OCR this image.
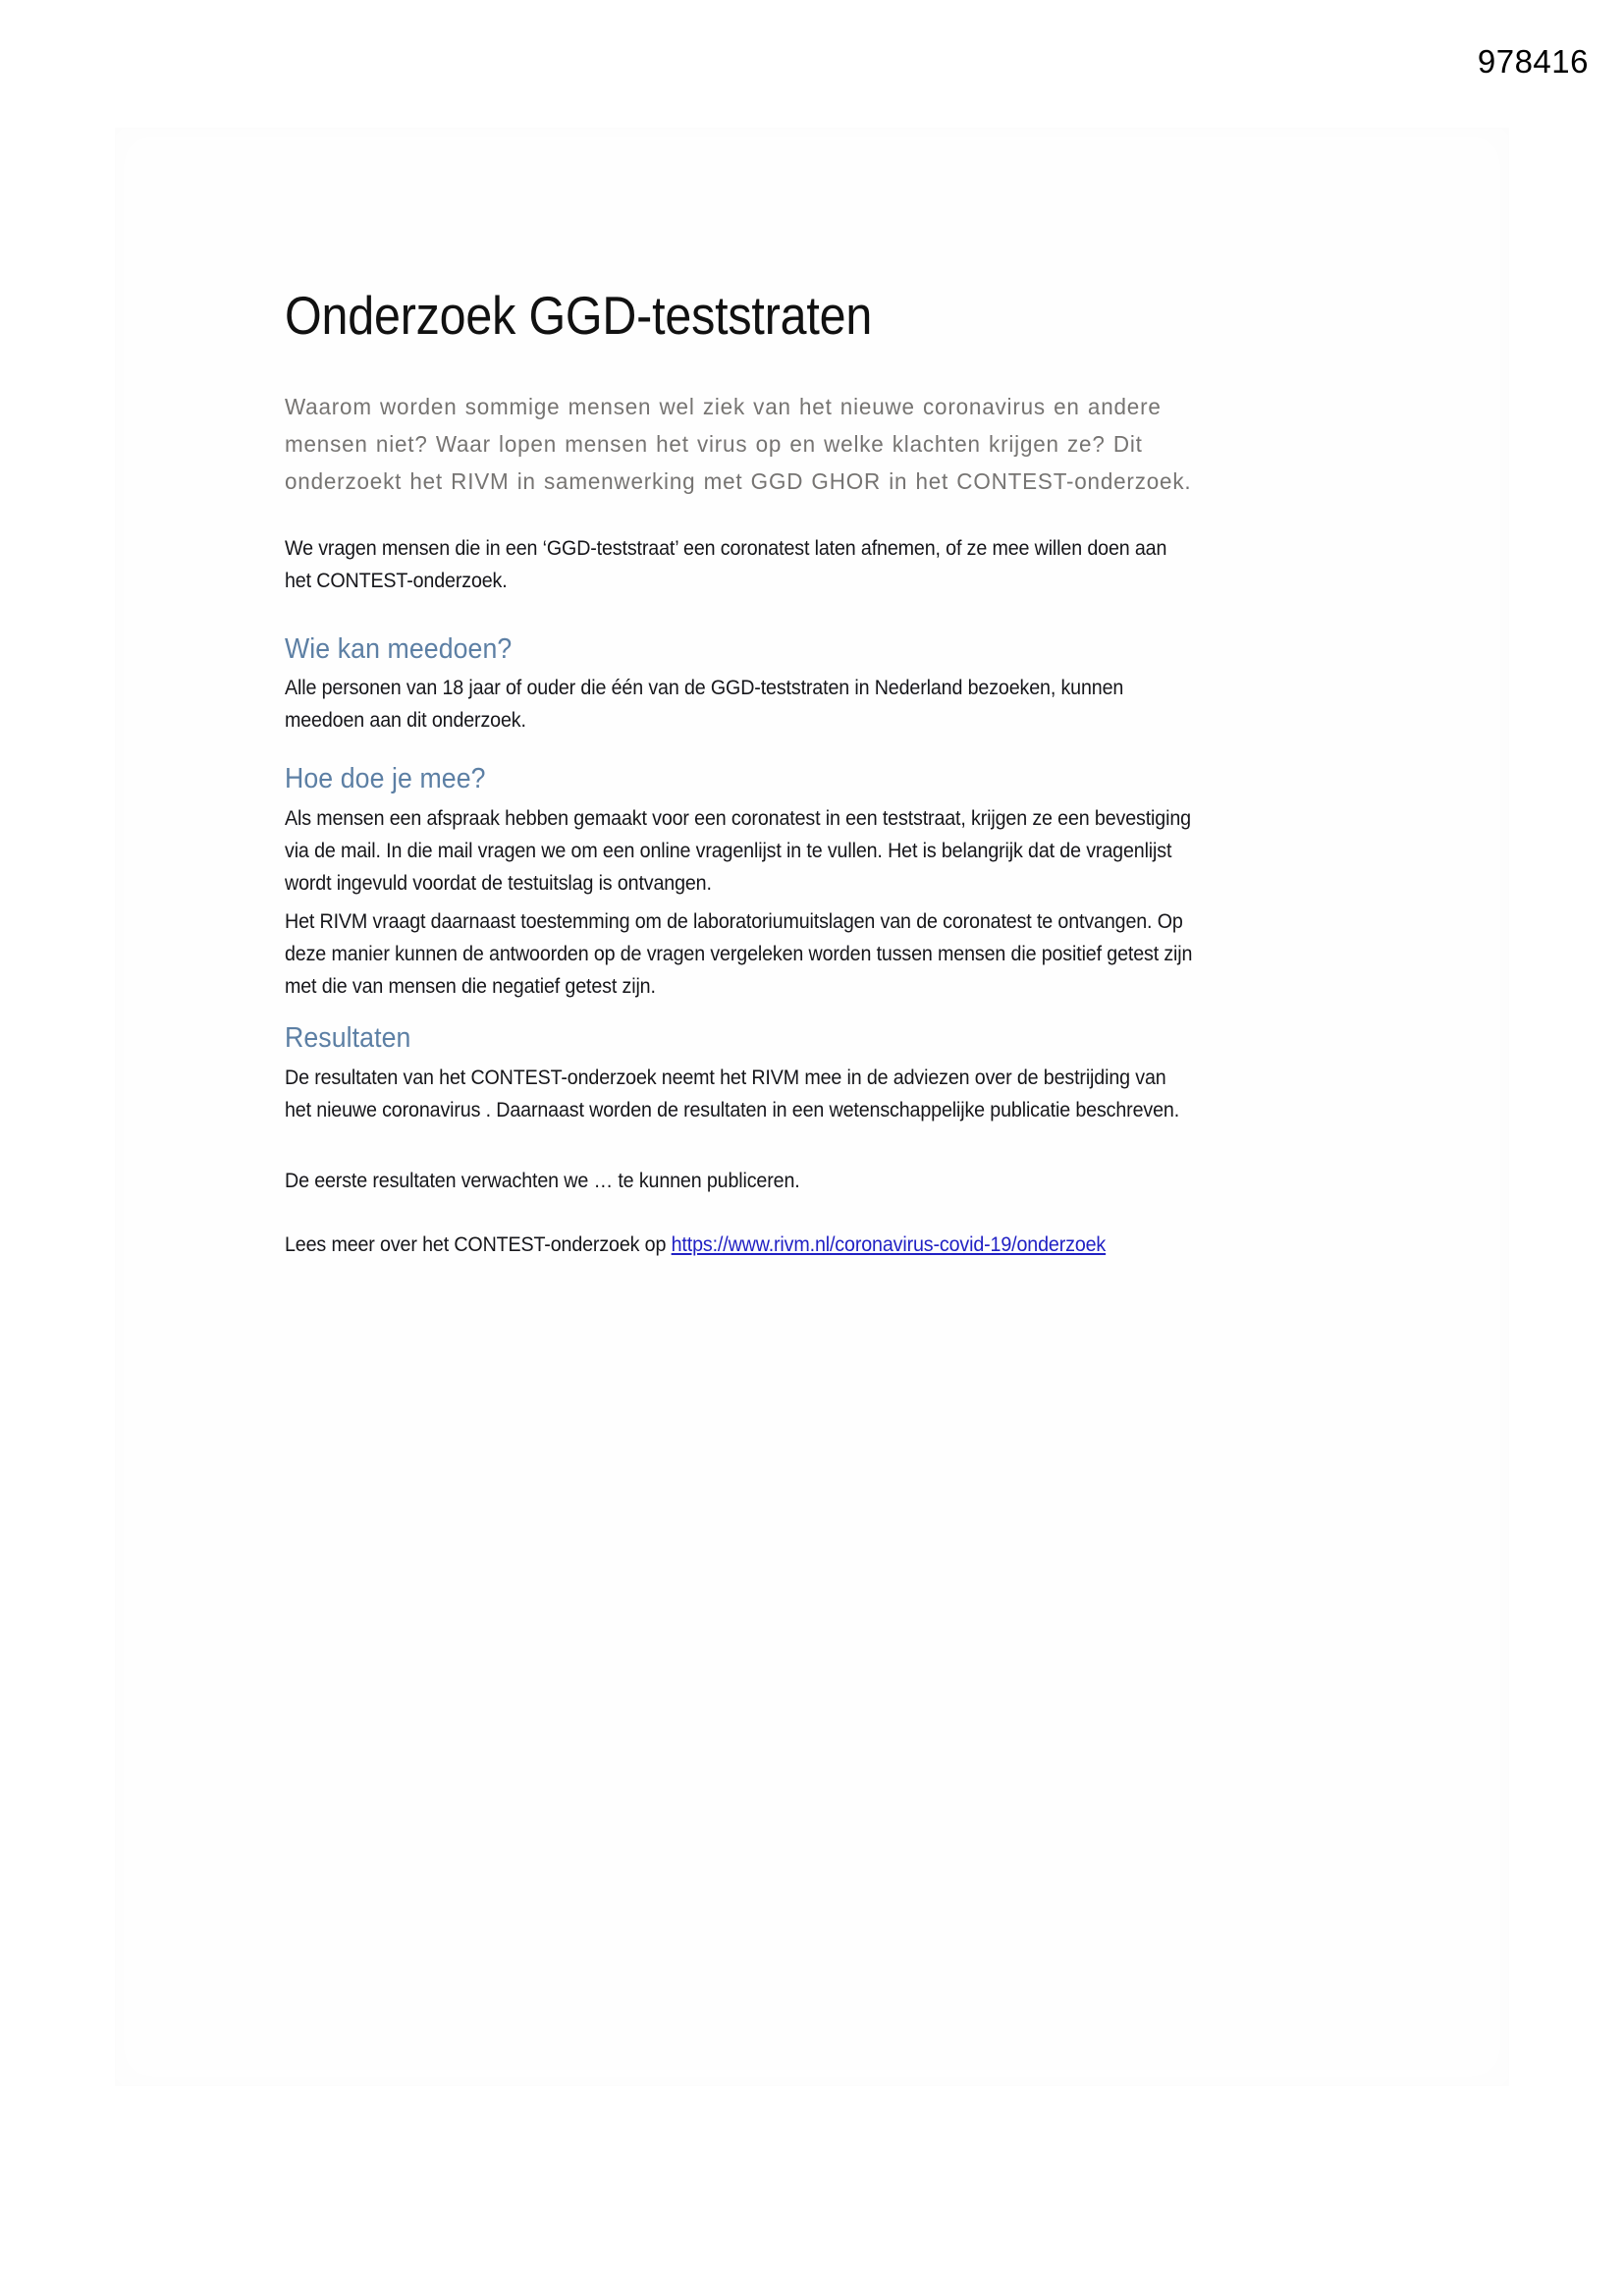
978416
Onderzoek GGD-teststraten

Waarom worden sommige mensen wel ziek van het nieuwe coronavirus en andere mensen niet? Waar lopen mensen het virus op en welke klachten krijgen ze? Dit onderzoekt het RIVM in samenwerking met GGD GHOR in het CONTEST-onderzoek.

We vragen mensen die in een ‘GGD-teststraat’ een coronatest laten afnemen, of ze mee willen doen aan het CONTEST-onderzoek.

Wie kan meedoen?

Alle personen van 18 jaar of ouder die één van de GGD-teststraten in Nederland bezoeken, kunnen meedoen aan dit onderzoek.

Hoe doe je mee?

Als mensen een afspraak hebben gemaakt voor een coronatest in een teststraat, krijgen ze een bevestiging via de mail. In die mail vragen we om een online vragenlijst in te vullen. Het is belangrijk dat de vragenlijst wordt ingevuld voordat de testuitslag is ontvangen.

Het RIVM vraagt daarnaast toestemming om de laboratoriumuitslagen van de coronatest te ontvangen. Op deze manier kunnen de antwoorden op de vragen vergeleken worden tussen mensen die positief getest zijn met die van mensen die negatief getest zijn.

Resultaten

De resultaten van het CONTEST-onderzoek neemt het RIVM mee in de adviezen over de bestrijding van het nieuwe coronavirus . Daarnaast worden de resultaten in een wetenschappelijke publicatie beschreven.

De eerste resultaten verwachten we … te kunnen publiceren.

Lees meer over het CONTEST-onderzoek op https://www.rivm.nl/coronavirus-covid-19/onderzoek
